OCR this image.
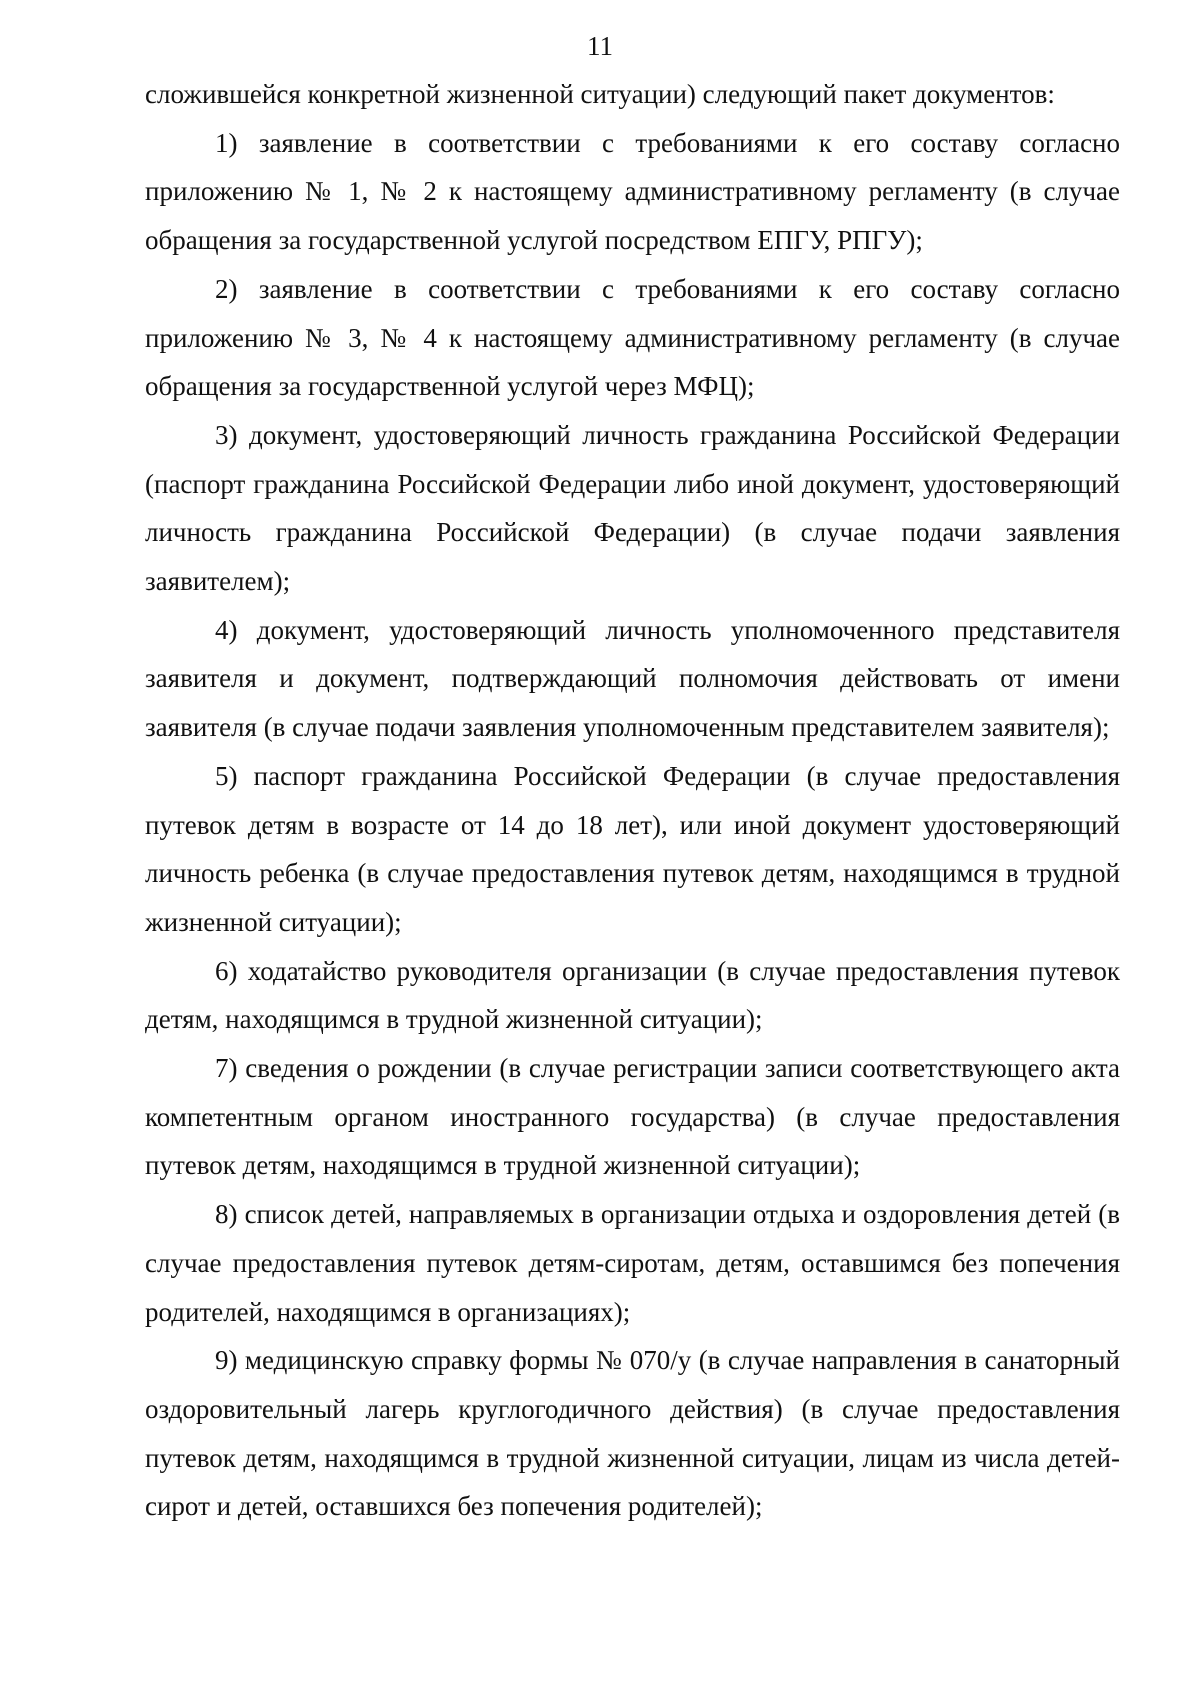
11

сложившейся конкретной жизненной ситуации) следующий пакет документов:

1) заявление в соответствии с требованиями к его составу согласно приложению № 1, № 2 к настоящему административному регламенту (в случае обращения за государственной услугой посредством ЕПГУ, РПГУ);

2) заявление в соответствии с требованиями к его составу согласно приложению № 3, № 4 к настоящему административному регламенту (в случае обращения за государственной услугой через МФЦ);

3) документ, удостоверяющий личность гражданина Российской Федерации (паспорт гражданина Российской Федерации либо иной документ, удостоверяющий личность гражданина Российской Федерации) (в случае подачи заявления заявителем);

4) документ, удостоверяющий личность уполномоченного представителя заявителя и документ, подтверждающий полномочия действовать от имени заявителя (в случае подачи заявления уполномоченным представителем заявителя);

5) паспорт гражданина Российской Федерации (в случае предоставления путевок детям в возрасте от 14 до 18 лет), или иной документ удостоверяющий личность ребенка (в случае предоставления путевок детям, находящимся в трудной жизненной ситуации);

6) ходатайство руководителя организации (в случае предоставления путевок детям, находящимся в трудной жизненной ситуации);

7) сведения о рождении (в случае регистрации записи соответствующего акта компетентным органом иностранного государства) (в случае предоставления путевок детям, находящимся в трудной жизненной ситуации);

8) список детей, направляемых в организации отдыха и оздоровления детей (в случае предоставления путевок детям-сиротам, детям, оставшимся без попечения родителей, находящимся в организациях);

9) медицинскую справку формы № 070/у (в случае направления в санаторный оздоровительный лагерь круглогодичного действия) (в случае предоставления путевок детям, находящимся в трудной жизненной ситуации, лицам из числа детей-сирот и детей, оставшихся без попечения родителей);
